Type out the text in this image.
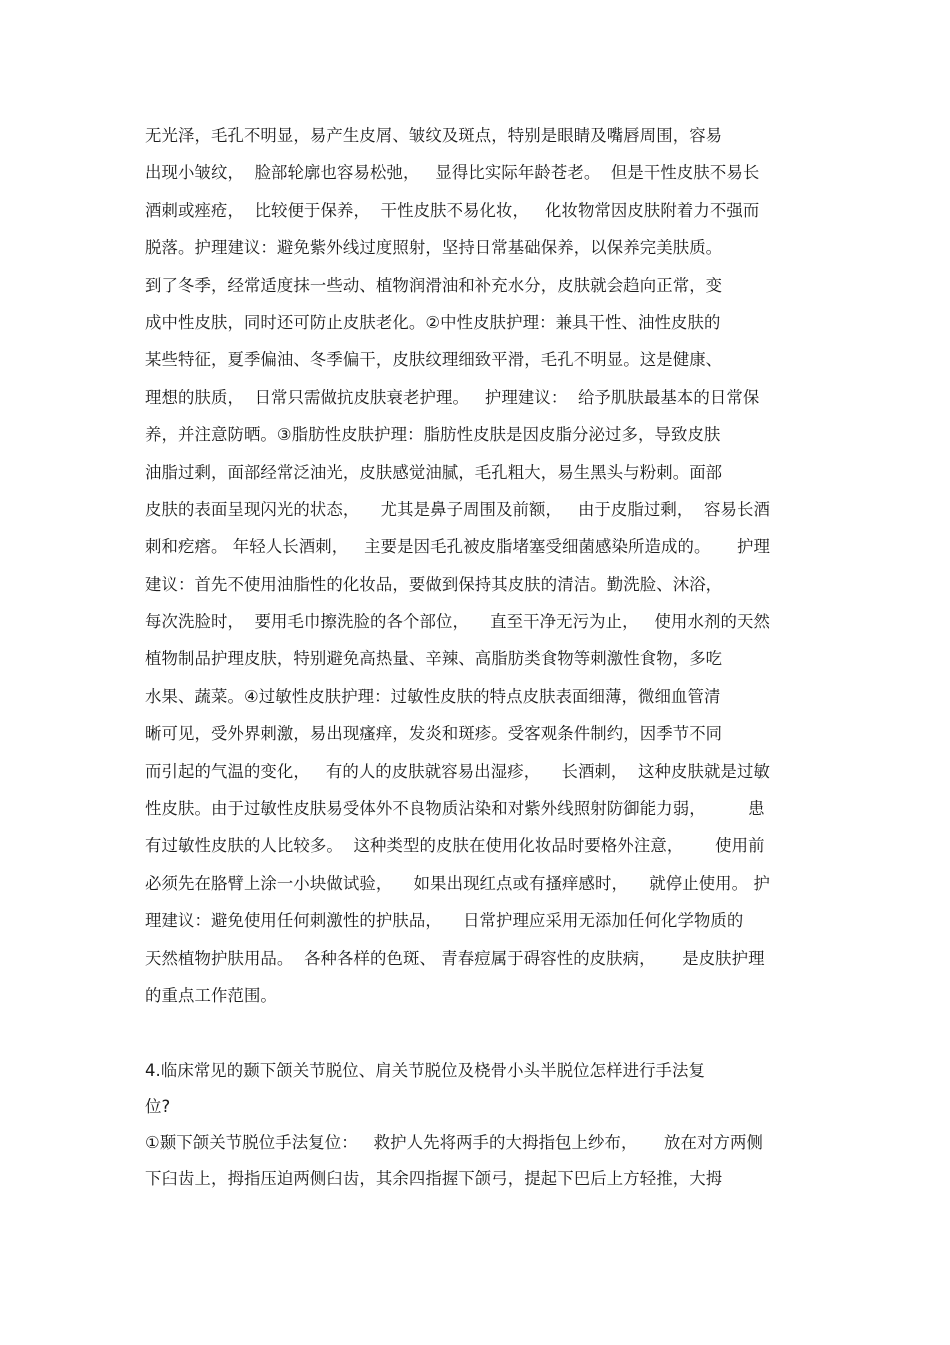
无光泽，毛孔不明显，易产生皮屑、皱纹及斑点，特别是眼睛及嘴唇周围，容易
出现小皱纹，  脸部轮廓也容易松弛，   显得比实际年龄苍老。  但是干性皮肤不易长
酒刺或痤疮，  比较便于保养，  干性皮肤不易化妆，   化妆物常因皮肤附着力不强而
脱落。护理建议：避免紫外线过度照射，坚持日常基础保养，以保养完美肤质。
到了冬季，经常适度抹一些动、植物润滑油和补充水分，皮肤就会趋向正常，变
成中性皮肤，同时还可防止皮肤老化。②中性皮肤护理：兼具干性、油性皮肤的
某些特征，夏季偏油、冬季偏干，皮肤纹理细致平滑，毛孔不明显。这是健康、
理想的肤质，  日常只需做抗皮肤衰老护理。   护理建议：  给予肌肤最基本的日常保
养，并注意防晒。③脂肪性皮肤护理：脂肪性皮肤是因皮脂分泌过多，导致皮肤
油脂过剩，面部经常泛油光，皮肤感觉油腻，毛孔粗大，易生黑头与粉刺。面部
皮肤的表面呈现闪光的状态，    尤其是鼻子周围及前额，   由于皮脂过剩，  容易长酒
刺和疙瘩。 年轻人长酒刺，   主要是因毛孔被皮脂堵塞受细菌感染所造成的。     护理
建议：首先不使用油脂性的化妆品，要做到保持其皮肤的清洁。勤洗脸、沐浴，
每次洗脸时，  要用毛巾擦洗脸的各个部位，    直至干净无污为止，   使用水剂的天然
植物制品护理皮肤，特别避免高热量、辛辣、高脂肪类食物等刺激性食物，多吃
水果、蔬菜。④过敏性皮肤护理：过敏性皮肤的特点皮肤表面细薄，微细血管清
晰可见，受外界刺激，易出现瘙痒，发炎和斑疹。受客观条件制约，因季节不同
而引起的气温的变化，   有的人的皮肤就容易出湿疹，    长酒刺，  这种皮肤就是过敏
性皮肤。由于过敏性皮肤易受体外不良物质沾染和对紫外线照射防御能力弱，        患
有过敏性皮肤的人比较多。  这种类型的皮肤在使用化妆品时要格外注意，      使用前
必须先在胳臂上涂一小块做试验，    如果出现红点或有搔痒感时，    就停止使用。 护
理建议：避免使用任何刺激性的护肤品，    日常护理应采用无添加任何化学物质的
天然植物护肤用品。  各种各样的色斑、 青春痘属于碍容性的皮肤病，     是皮肤护理
的重点工作范围。
4.临床常见的颞下颌关节脱位、肩关节脱位及桡骨小头半脱位怎样进行手法复
位?
①颞下颌关节脱位手法复位：   救护人先将两手的大拇指包上纱布，     放在对方两侧
下臼齿上，拇指压迫两侧臼齿，其余四指握下颌弓，提起下巴后上方轻推，大拇
